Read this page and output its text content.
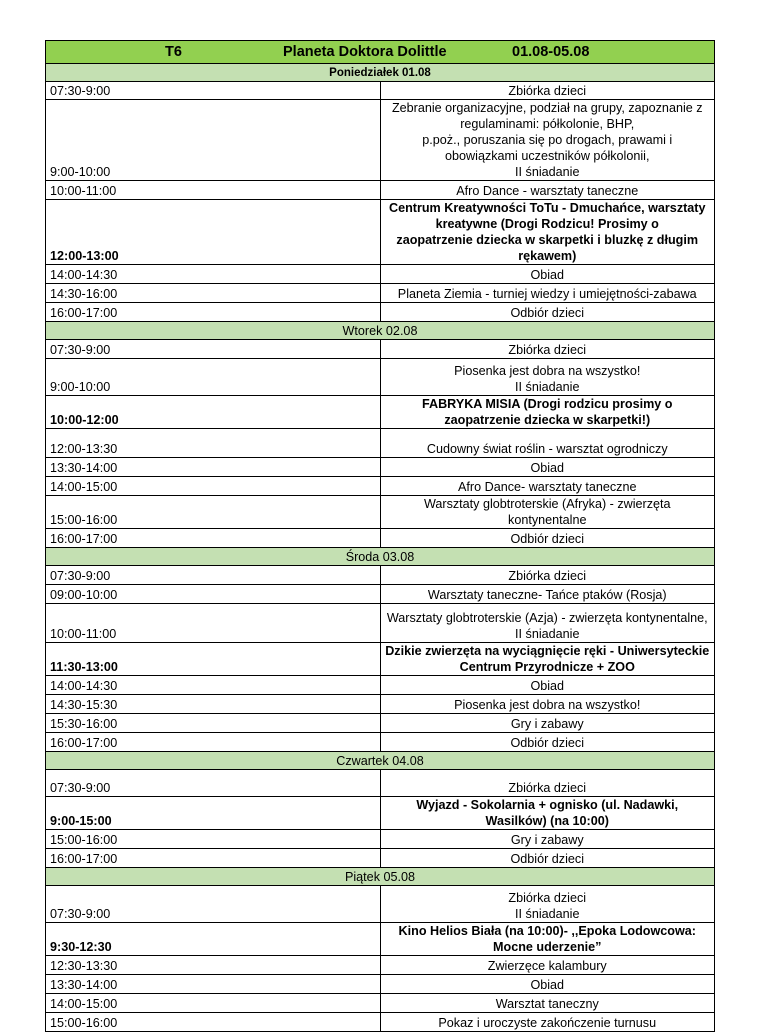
T6 Planeta Doktora Dolittle 01.08-05.08	

Poniedziałek 01.08	
07:30-9:00	Zbiórka dzieci

9:00-10:00	Zebranie organizacyjne, podział na grupy, zapoznanie z regulaminami: półkolonie, BHP,
p.poż., poruszania się po drogach, prawami i obowiązkami uczestników półkolonii,
II śniadanie

10:00-11:00	Afro Dance - warsztaty taneczne

12:00-13:00	Centrum Kreatywności ToTu - Dmuchańce, warsztaty kreatywne (Drogi Rodzicu! Prosimy o
zaopatrzenie dziecka w skarpetki i bluzkę z długim rękawem)

14:00-14:30	Obiad

14:30-16:00	Planeta Ziemia - turniej wiedzy i umiejętności-zabawa

16:00-17:00	Odbiór dzieci

Wtorek 02.08	
07:30-9:00	Zbiórka dzieci

9:00-10:00	Piosenka jest dobra na wszystko!
II śniadanie

10:00-12:00	FABRYKA MISIA (Drogi rodzicu prosimy o zaopatrzenie dziecka w skarpetki!)

12:00-13:30	Cudowny świat roślin - warsztat ogrodniczy

13:30-14:00	Obiad

14:00-15:00	Afro Dance- warsztaty taneczne

15:00-16:00	Warsztaty globtroterskie (Afryka) - zwierzęta kontynentalne

16:00-17:00	Odbiór dzieci

Środa 03.08	
07:30-9:00	Zbiórka dzieci

09:00-10:00	Warsztaty taneczne- Tańce ptaków (Rosja)

10:00-11:00	Warsztaty globtroterskie (Azja) - zwierzęta kontynentalne,
II śniadanie

11:30-13:00	Dzikie zwierzęta na wyciągnięcie ręki - Uniwersyteckie Centrum Przyrodnicze + ZOO

14:00-14:30	Obiad

14:30-15:30	Piosenka jest dobra na wszystko!

15:30-16:00	Gry i zabawy

16:00-17:00	Odbiór dzieci

Czwartek 04.08	
07:30-9:00	Zbiórka dzieci

9:00-15:00	Wyjazd - Sokolarnia + ognisko (ul. Nadawki, Wasilków) (na 10:00)

15:00-16:00	Gry i zabawy

16:00-17:00	Odbiór dzieci

Piątek 05.08	
07:30-9:00	Zbiórka dzieci
II śniadanie

9:30-12:30	Kino Helios Biała (na 10:00)- ,,Epoka Lodowcowa: Mocne uderzenie”

12:30-13:30	Zwierzęce kalambury

13:30-14:00	Obiad

14:00-15:00	Warsztat taneczny

15:00-16:00	Pokaz i uroczyste zakończenie turnusu
